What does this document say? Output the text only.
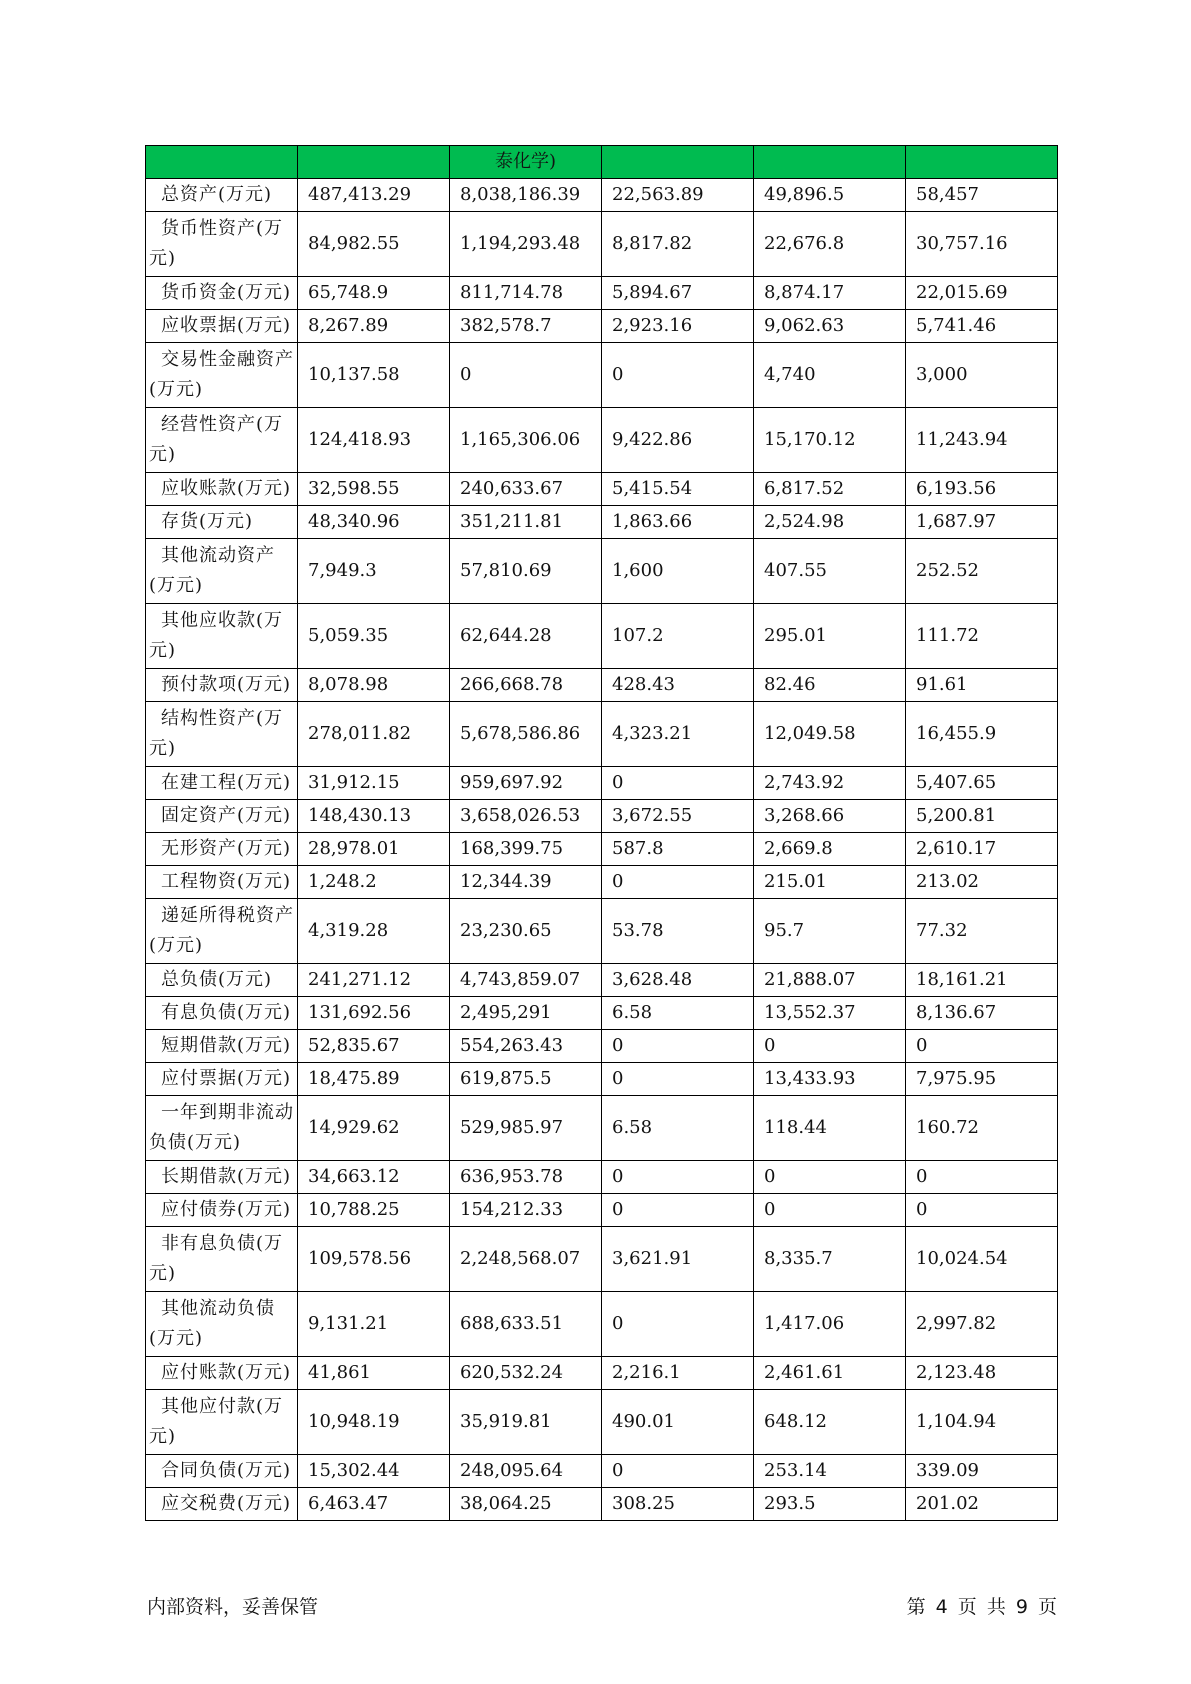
		泰化学)			
总资产(万元)	487,413.29	8,038,186.39	22,563.89	49,896.5	58,457
货币性资产(万元)	84,982.55	1,194,293.48	8,817.82	22,676.8	30,757.16
货币资金(万元)	65,748.9	811,714.78	5,894.67	8,874.17	22,015.69
应收票据(万元)	8,267.89	382,578.7	2,923.16	9,062.63	5,741.46
交易性金融资产(万元)	10,137.58	0	0	4,740	3,000
经营性资产(万元)	124,418.93	1,165,306.06	9,422.86	15,170.12	11,243.94
应收账款(万元)	32,598.55	240,633.67	5,415.54	6,817.52	6,193.56
存货(万元)	48,340.96	351,211.81	1,863.66	2,524.98	1,687.97
其他流动资产(万元)	7,949.3	57,810.69	1,600	407.55	252.52
其他应收款(万元)	5,059.35	62,644.28	107.2	295.01	111.72
预付款项(万元)	8,078.98	266,668.78	428.43	82.46	91.61
结构性资产(万元)	278,011.82	5,678,586.86	4,323.21	12,049.58	16,455.9
在建工程(万元)	31,912.15	959,697.92	0	2,743.92	5,407.65
固定资产(万元)	148,430.13	3,658,026.53	3,672.55	3,268.66	5,200.81
无形资产(万元)	28,978.01	168,399.75	587.8	2,669.8	2,610.17
工程物资(万元)	1,248.2	12,344.39	0	215.01	213.02
递延所得税资产(万元)	4,319.28	23,230.65	53.78	95.7	77.32
总负债(万元)	241,271.12	4,743,859.07	3,628.48	21,888.07	18,161.21
有息负债(万元)	131,692.56	2,495,291	6.58	13,552.37	8,136.67
短期借款(万元)	52,835.67	554,263.43	0	0	0
应付票据(万元)	18,475.89	619,875.5	0	13,433.93	7,975.95
一年到期非流动负债(万元)	14,929.62	529,985.97	6.58	118.44	160.72
长期借款(万元)	34,663.12	636,953.78	0	0	0
应付债券(万元)	10,788.25	154,212.33	0	0	0
非有息负债(万元)	109,578.56	2,248,568.07	3,621.91	8,335.7	10,024.54
其他流动负债(万元)	9,131.21	688,633.51	0	1,417.06	2,997.82
应付账款(万元)	41,861	620,532.24	2,216.1	2,461.61	2,123.48
其他应付款(万元)	10,948.19	35,919.81	490.01	648.12	1,104.94
合同负债(万元)	15,302.44	248,095.64	0	253.14	339.09
应交税费(万元)	6,463.47	38,064.25	308.25	293.5	201.02
内部资料，妥善保管	第 4 页 共 9 页
